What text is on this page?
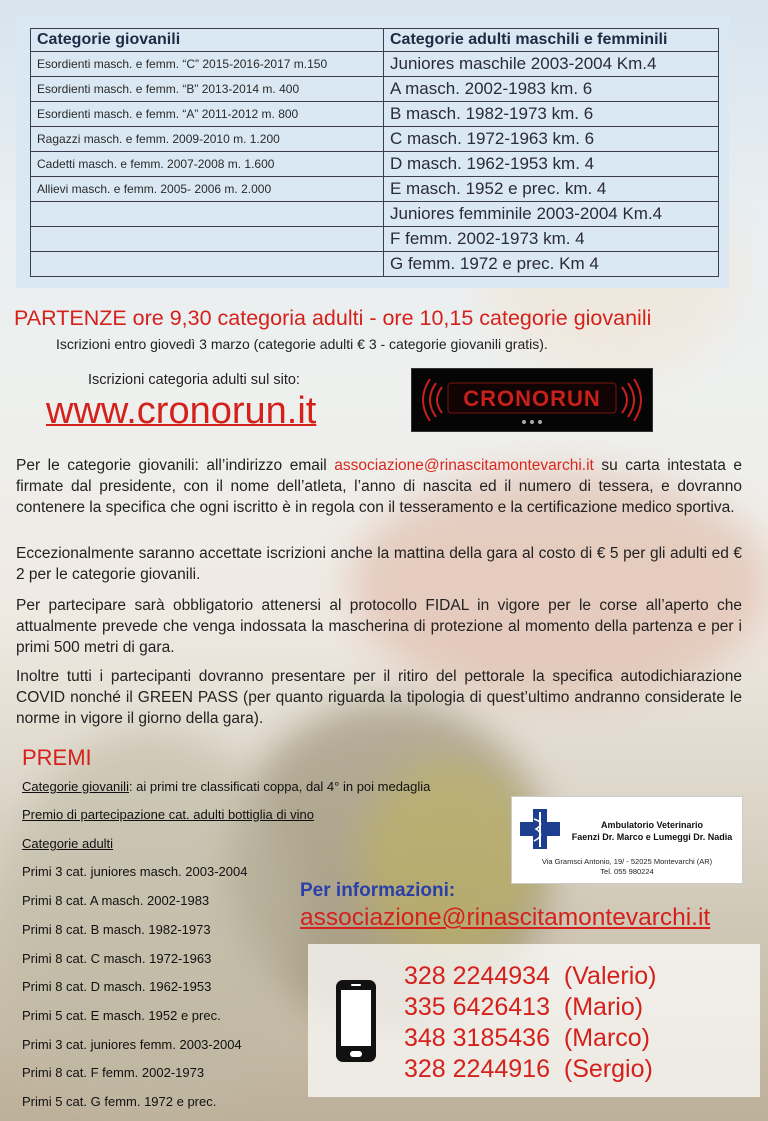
Categorie giovanili	Categorie adulti maschili e femminili
Esordienti masch. e femm. “C” 2015-2016-2017 m.150	Juniores maschile 2003-2004 Km.4
Esordienti masch. e femm. “B” 2013-2014 m. 400	A masch. 2002-1983 km. 6
Esordienti masch. e femm. “A” 2011-2012 m. 800	B masch. 1982-1973 km. 6
Ragazzi masch. e femm. 2009-2010 m. 1.200	C masch. 1972-1963 km. 6
Cadetti masch. e femm. 2007-2008 m. 1.600	D masch. 1962-1953 km. 4
Allievi masch. e femm. 2005- 2006 m. 2.000	E masch. 1952 e prec. km. 4
	Juniores femminile 2003-2004 Km.4
	F femm. 2002-1973 km. 4
	G femm. 1972 e prec. Km 4
PARTENZE ore 9,30 categoria adulti - ore 10,15 categorie giovanili
Iscrizioni entro giovedì 3 marzo (categorie adulti € 3 - categorie giovanili gratis).
Iscrizioni categoria adulti sul sito:
www.cronorun.it	CRONORUN
Per le categorie giovanili: all’indirizzo email associazione@rinascitamontevarchi.it su carta intestata e firmate dal presidente, con il nome dell’atleta, l’anno di nascita ed il numero di tessera, e dovranno contenere la specifica che ogni iscritto è in regola con il tesseramento e la certificazione medico sportiva.
Eccezionalmente saranno accettate iscrizioni anche la mattina della gara al costo di € 5 per gli adulti ed € 2 per le categorie giovanili.
Per partecipare sarà obbligatorio attenersi al protocollo FIDAL in vigore per le corse all’aperto che attualmente prevede che venga indossata la mascherina di protezione al momento della partenza e per i primi 500 metri di gara.
Inoltre tutti i partecipanti dovranno presentare per il ritiro del pettorale la specifica autodichiarazione COVID nonché il GREEN PASS (per quanto riguarda la tipologia di quest’ultimo andranno considerate le norme in vigore il giorno della gara).
PREMI
Categorie giovanili: ai primi tre classificati coppa, dal 4° in poi medaglia
Premio di partecipazione cat. adulti bottiglia di vino
Categorie adulti
Primi 3 cat. juniores masch. 2003-2004
Primi 8 cat. A masch. 2002-1983
Primi 8 cat. B masch. 1982-1973
Primi 8 cat. C masch. 1972-1963
Primi 8 cat. D masch. 1962-1953
Primi 5 cat. E masch. 1952 e prec.
Primi 3 cat. juniores femm. 2003-2004
Primi 8 cat. F femm. 2002-1973
Primi 5 cat. G femm. 1972 e prec.
Ambulatorio Veterinario
Faenzi Dr. Marco e Lumeggi Dr. Nadia
Via Gramsci Antonio, 19/ - 52025 Montevarchi (AR)
Tel. 055 980224
Per informazioni:
associazione@rinascitamontevarchi.it
328 2244934 (Valerio)
335 6426413 (Mario)
348 3185436 (Marco)
328 2244916 (Sergio)
